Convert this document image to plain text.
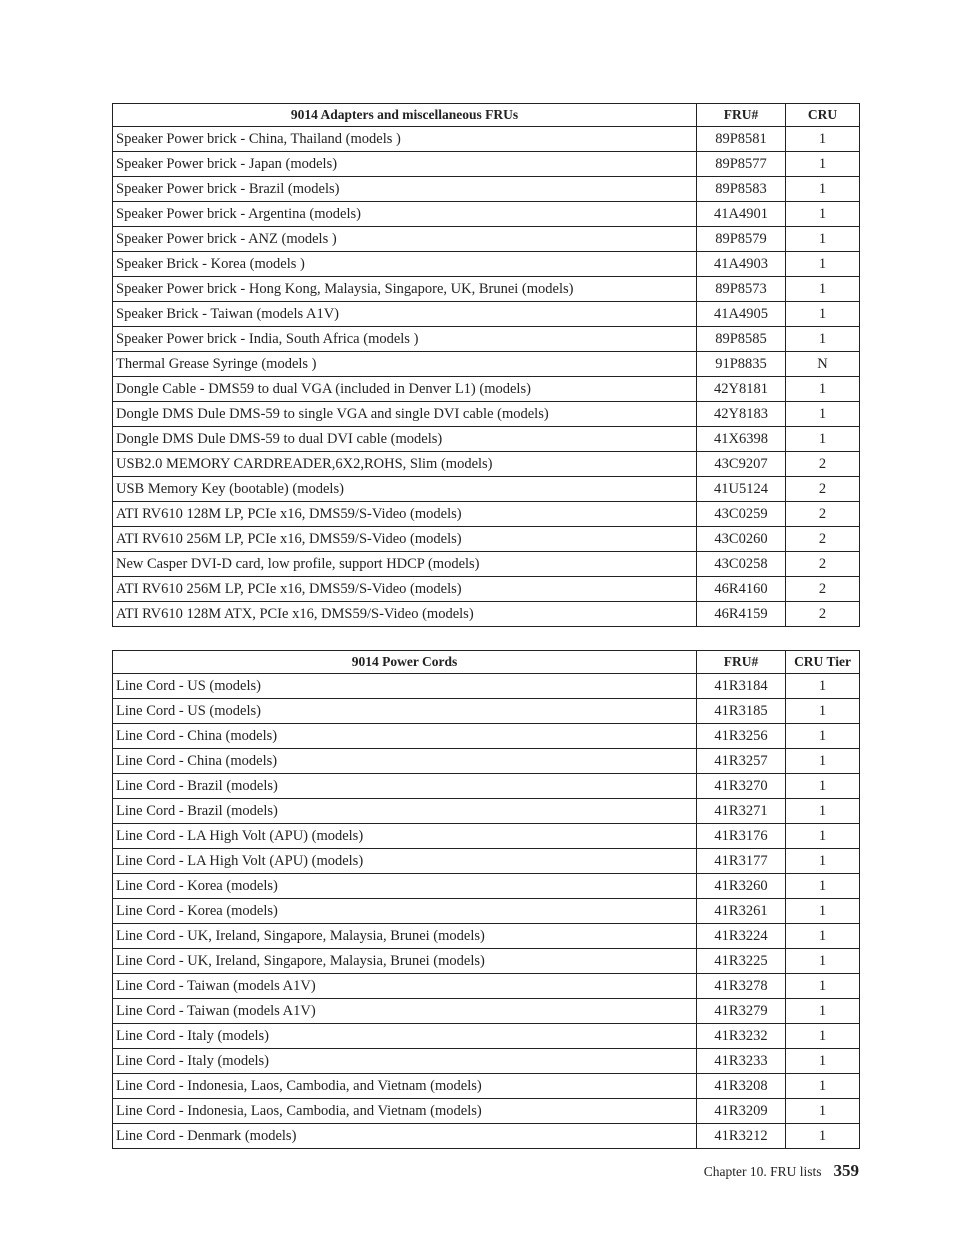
9014 Adapters and miscellaneous FRUs	FRU#	CRU
Speaker Power brick - China, Thailand (models )	89P8581	1
Speaker Power brick - Japan (models)	89P8577	1
Speaker Power brick - Brazil (models)	89P8583	1
Speaker Power brick - Argentina (models)	41A4901	1
Speaker Power brick - ANZ (models )	89P8579	1
Speaker Brick - Korea (models )	41A4903	1
Speaker Power brick - Hong Kong, Malaysia, Singapore, UK, Brunei (models)	89P8573	1
Speaker Brick - Taiwan (models A1V)	41A4905	1
Speaker Power brick - India, South Africa (models )	89P8585	1
Thermal Grease Syringe (models )	91P8835	N
Dongle Cable - DMS59 to dual VGA (included in Denver L1) (models)	42Y8181	1
Dongle DMS Dule DMS-59 to single VGA and single DVI cable (models)	42Y8183	1
Dongle DMS Dule DMS-59 to dual DVI cable (models)	41X6398	1
USB2.0 MEMORY CARDREADER,6X2,ROHS, Slim (models)	43C9207	2
USB Memory Key (bootable) (models)	41U5124	2
ATI RV610 128M LP, PCIe x16, DMS59/S-Video (models)	43C0259	2
ATI RV610 256M LP, PCIe x16, DMS59/S-Video (models)	43C0260	2
New Casper DVI-D card, low profile, support HDCP (models)	43C0258	2
ATI RV610 256M LP, PCIe x16, DMS59/S-Video (models)	46R4160	2
ATI RV610 128M ATX, PCIe x16, DMS59/S-Video (models)	46R4159	2
9014 Power Cords	FRU#	CRU Tier
Line Cord - US (models)	41R3184	1
Line Cord - US (models)	41R3185	1
Line Cord - China (models)	41R3256	1
Line Cord - China (models)	41R3257	1
Line Cord - Brazil (models)	41R3270	1
Line Cord - Brazil (models)	41R3271	1
Line Cord - LA High Volt (APU) (models)	41R3176	1
Line Cord - LA High Volt (APU) (models)	41R3177	1
Line Cord - Korea (models)	41R3260	1
Line Cord - Korea (models)	41R3261	1
Line Cord - UK, Ireland, Singapore, Malaysia, Brunei (models)	41R3224	1
Line Cord - UK, Ireland, Singapore, Malaysia, Brunei (models)	41R3225	1
Line Cord - Taiwan (models A1V)	41R3278	1
Line Cord - Taiwan (models A1V)	41R3279	1
Line Cord - Italy (models)	41R3232	1
Line Cord - Italy (models)	41R3233	1
Line Cord - Indonesia, Laos, Cambodia, and Vietnam (models)	41R3208	1
Line Cord - Indonesia, Laos, Cambodia, and Vietnam (models)	41R3209	1
Line Cord - Denmark (models)	41R3212	1
Chapter 10. FRU lists 359
